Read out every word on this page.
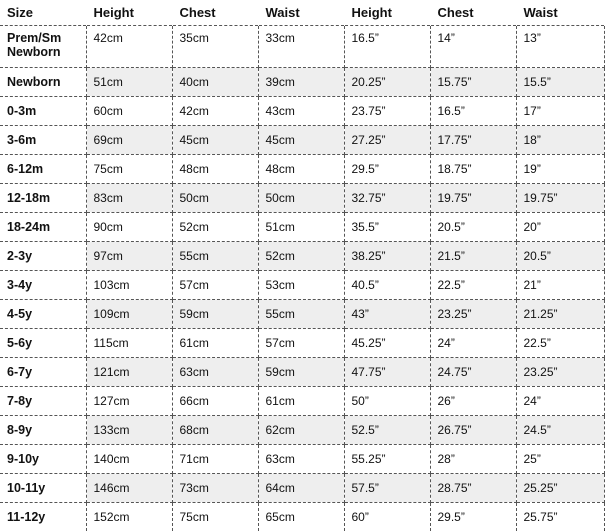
Size	Height	Chest	Waist	Height	Chest	Waist
Prem/Sm Newborn	42cm	35cm	33cm	16.5”	14”	13”
Newborn	51cm	40cm	39cm	20.25”	15.75”	15.5”
0-3m	60cm	42cm	43cm	23.75”	16.5”	17”
3-6m	69cm	45cm	45cm	27.25”	17.75”	18”
6-12m	75cm	48cm	48cm	29.5”	18.75”	19”
12-18m	83cm	50cm	50cm	32.75”	19.75”	19.75”
18-24m	90cm	52cm	51cm	35.5”	20.5”	20”
2-3y	97cm	55cm	52cm	38.25”	21.5”	20.5”
3-4y	103cm	57cm	53cm	40.5”	22.5”	21”
4-5y	109cm	59cm	55cm	43”	23.25”	21.25”
5-6y	115cm	61cm	57cm	45.25”	24”	22.5”
6-7y	121cm	63cm	59cm	47.75”	24.75”	23.25”
7-8y	127cm	66cm	61cm	50”	26”	24”
8-9y	133cm	68cm	62cm	52.5”	26.75”	24.5”
9-10y	140cm	71cm	63cm	55.25”	28”	25”
10-11y	146cm	73cm	64cm	57.5”	28.75”	25.25”
11-12y	152cm	75cm	65cm	60”	29.5”	25.75”
